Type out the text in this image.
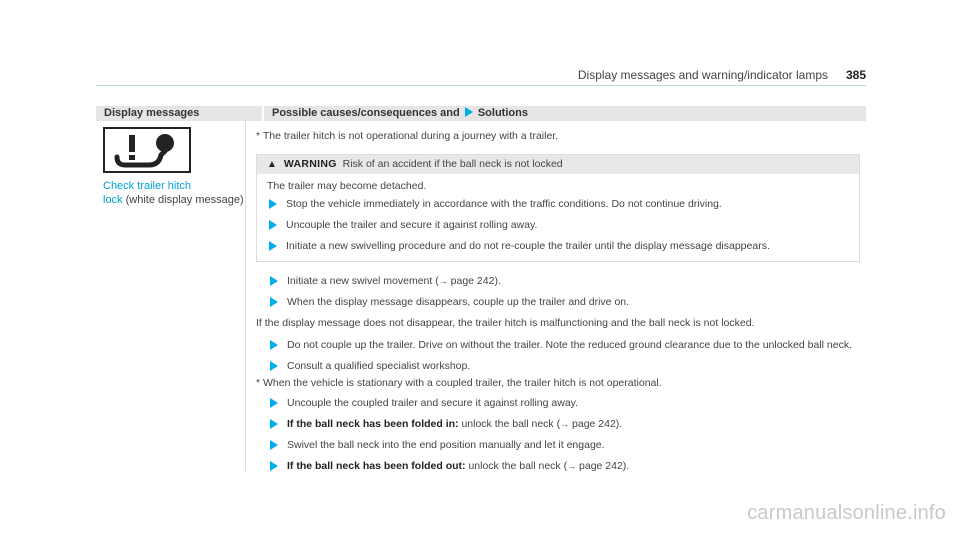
Display messages and warning/indicator lamps 385
Display messages	Possible causes/consequences and Solutions
Check trailer hitch
lock (white display message)
* The trailer hitch is not operational during a journey with a trailer.
▲ WARNING Risk of an accident if the ball neck is not locked
The trailer may become detached.
Stop the vehicle immediately in accordance with the traffic conditions. Do not continue driving.
Uncouple the trailer and secure it against rolling away.
Initiate a new swivelling procedure and do not re-couple the trailer until the display message disappears.
Initiate a new swivel movement (→ page 242).
When the display message disappears, couple up the trailer and drive on.
If the display message does not disappear, the trailer hitch is malfunctioning and the ball neck is not locked.
Do not couple up the trailer. Drive on without the trailer. Note the reduced ground clearance due to the unlocked ball neck.
Consult a qualified specialist workshop.
* When the vehicle is stationary with a coupled trailer, the trailer hitch is not operational.
Uncouple the coupled trailer and secure it against rolling away.
If the ball neck has been folded in: unlock the ball neck (→ page 242).
Swivel the ball neck into the end position manually and let it engage.
If the ball neck has been folded out: unlock the ball neck (→ page 242).
carmanualsonline.info
